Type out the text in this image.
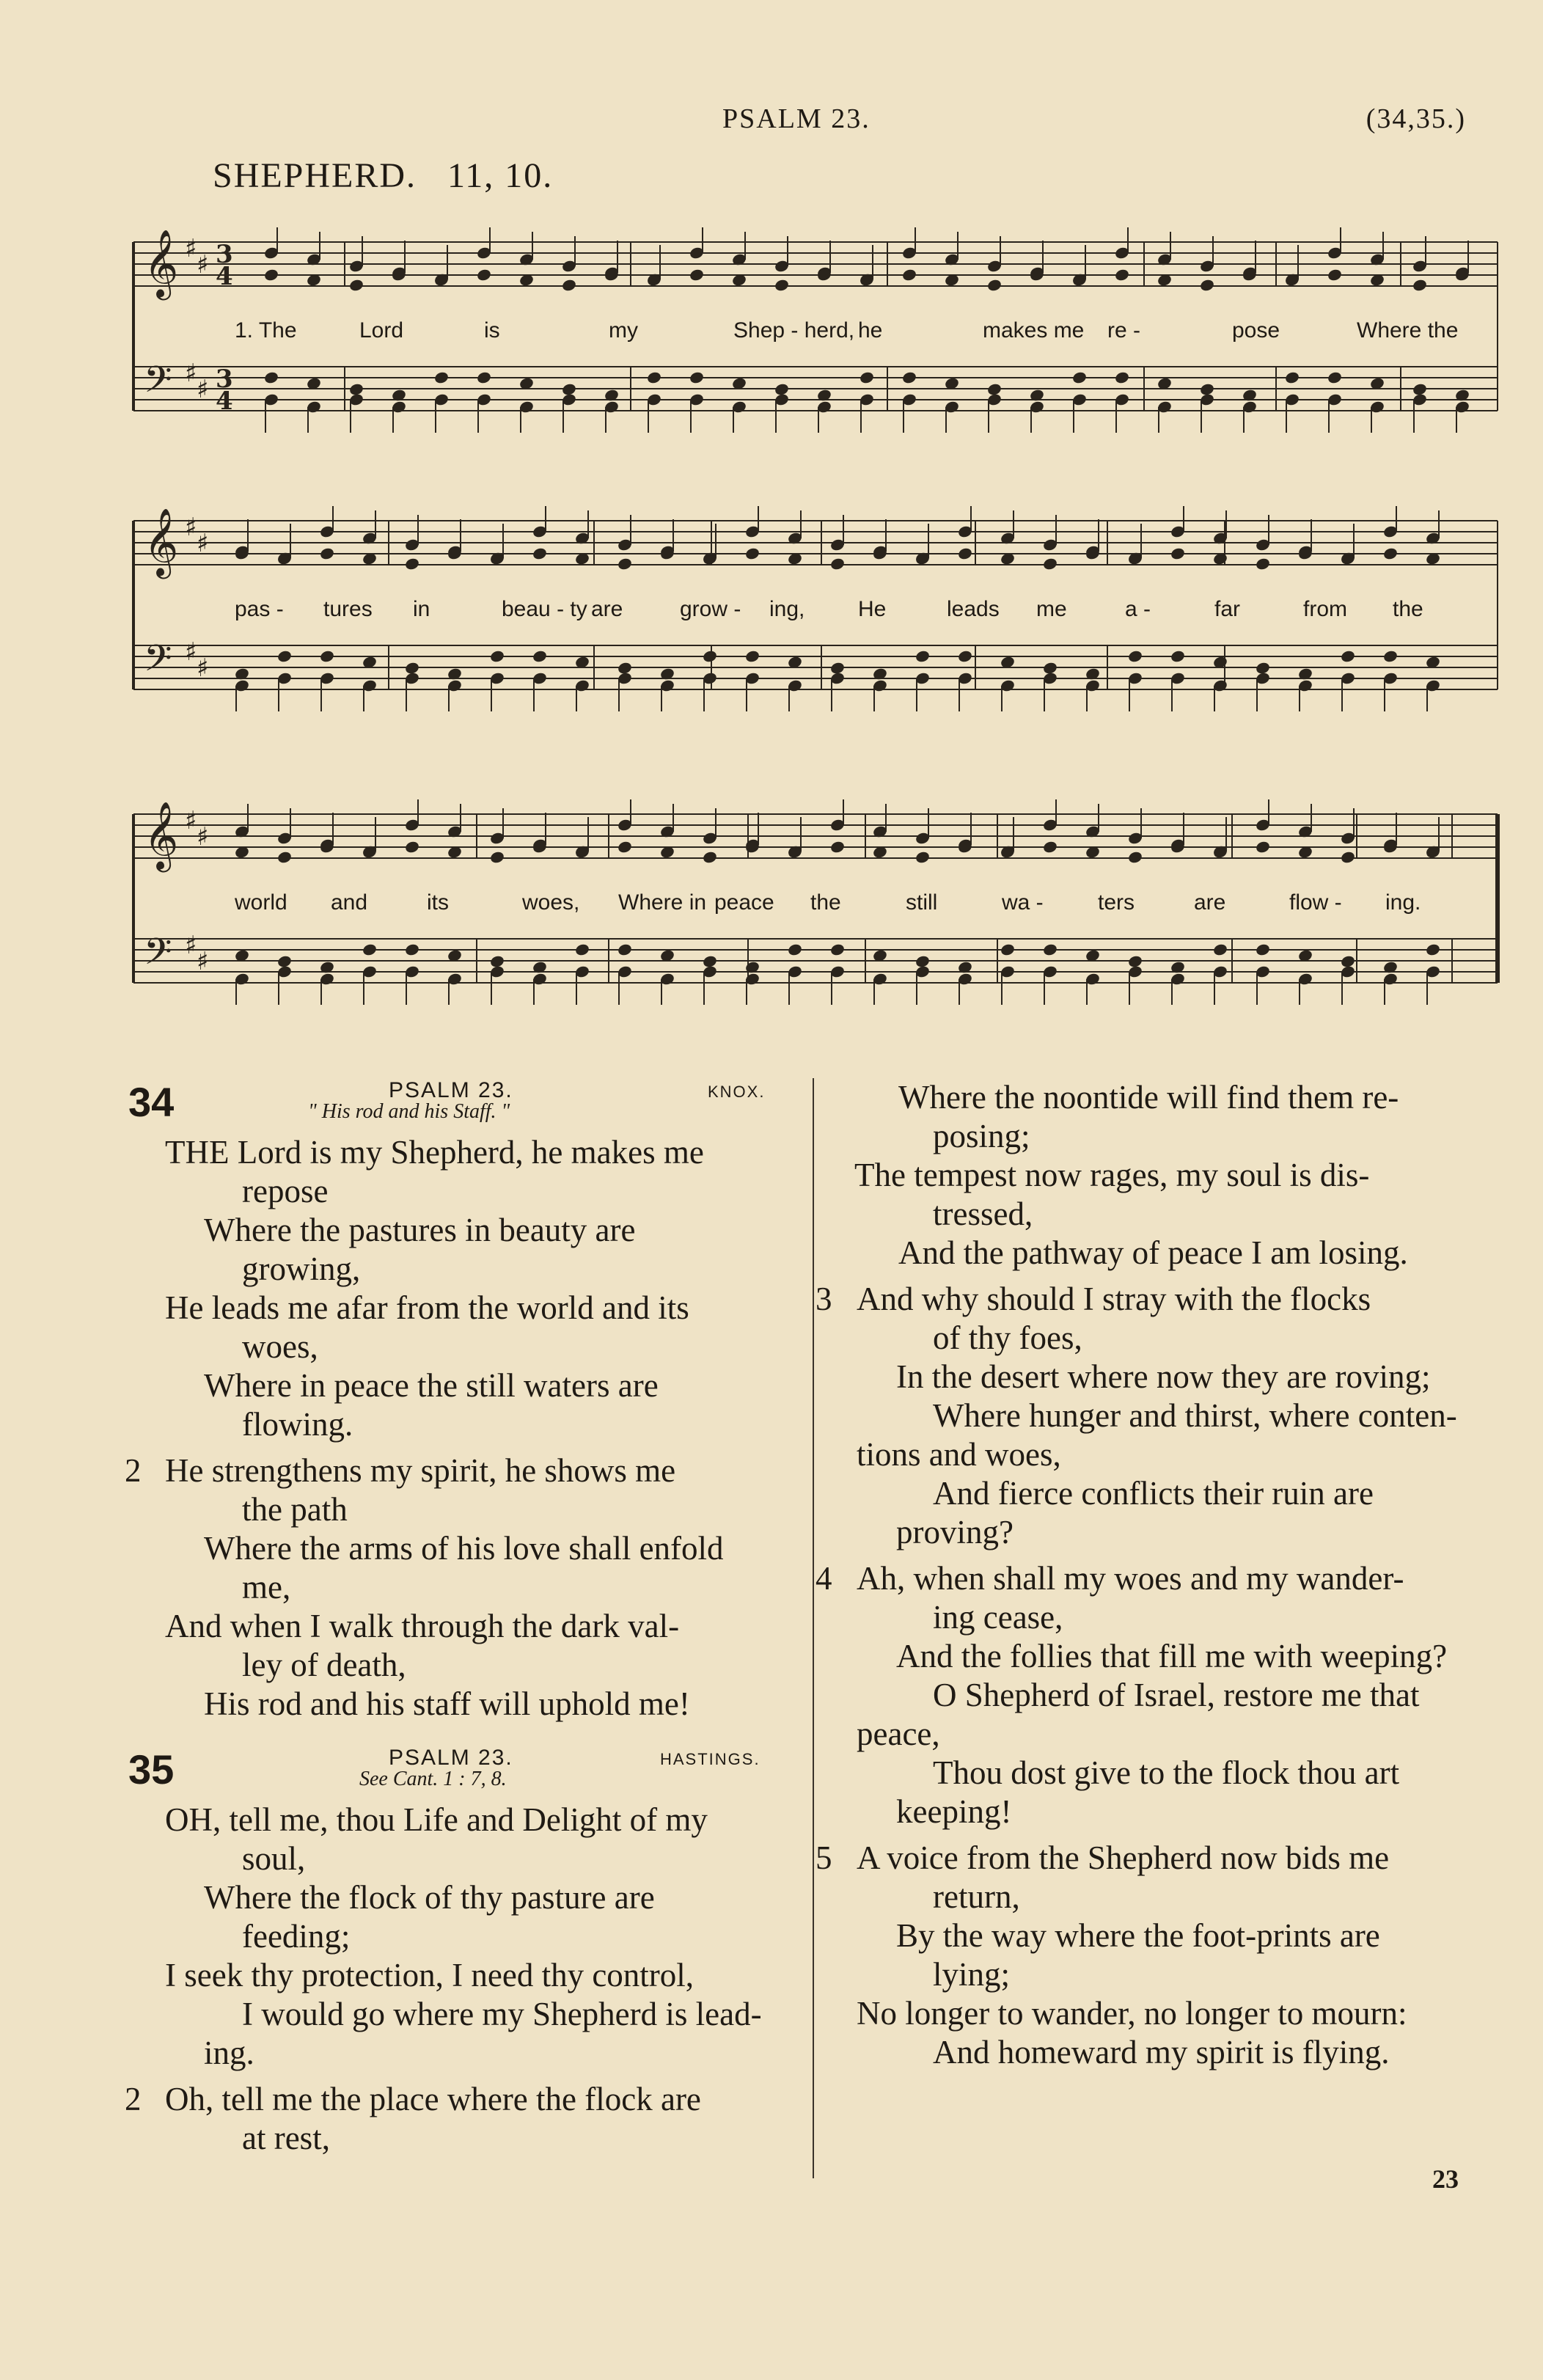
PSALM 23.	(34,35.)
SHEPHERD. 11, 10.
𝄞
𝄢
♯
♯
♯
♯
3
4
3
4
𝄞
𝄢
♯
♯
♯
♯
𝄞
𝄢
♯
♯
♯
♯
1. The	Lord	is	my	Shep - herd, he	makes me re -	pose	Where the
pas - tures in	beau - ty are	grow - ing, He	leads me	a -	far	from the
world and	its	woes, Where in peace the	still	wa - ters	are	flow - ing.
34	PSALM 23.	KNOX.
" His rod and his Staff. "
THE Lord is my Shepherd, he makes me
repose
Where the pastures in beauty are
growing,
He leads me afar from the world and its
woes,
Where in peace the still waters are
flowing.
2 He strengthens my spirit, he shows me
the path
Where the arms of his love shall enfold
me,
And when I walk through the dark val-
ley of death,
His rod and his staff will uphold me!
35	PSALM 23.	HASTINGS.
See Cant. 1 : 7, 8.
OH, tell me, thou Life and Delight of my
soul,
Where the flock of thy pasture are
feeding;
I seek thy protection, I need thy control,
I would go where my Shepherd is lead-
ing.
2 Oh, tell me the place where the flock are
at rest,
Where the noontide will find them re-
posing;
The tempest now rages, my soul is dis-
tressed,
And the pathway of peace I am losing.
3 And why should I stray with the flocks
of thy foes,
In the desert where now they are roving;
Where hunger and thirst, where conten-
tions and woes,
And fierce conflicts their ruin are
proving?
4 Ah, when shall my woes and my wander-
ing cease,
And the follies that fill me with weeping?
O Shepherd of Israel, restore me that
peace,
Thou dost give to the flock thou art
keeping!
5 A voice from the Shepherd now bids me
return,
By the way where the foot-prints are
lying;
No longer to wander, no longer to mourn:
And homeward my spirit is flying.
23
